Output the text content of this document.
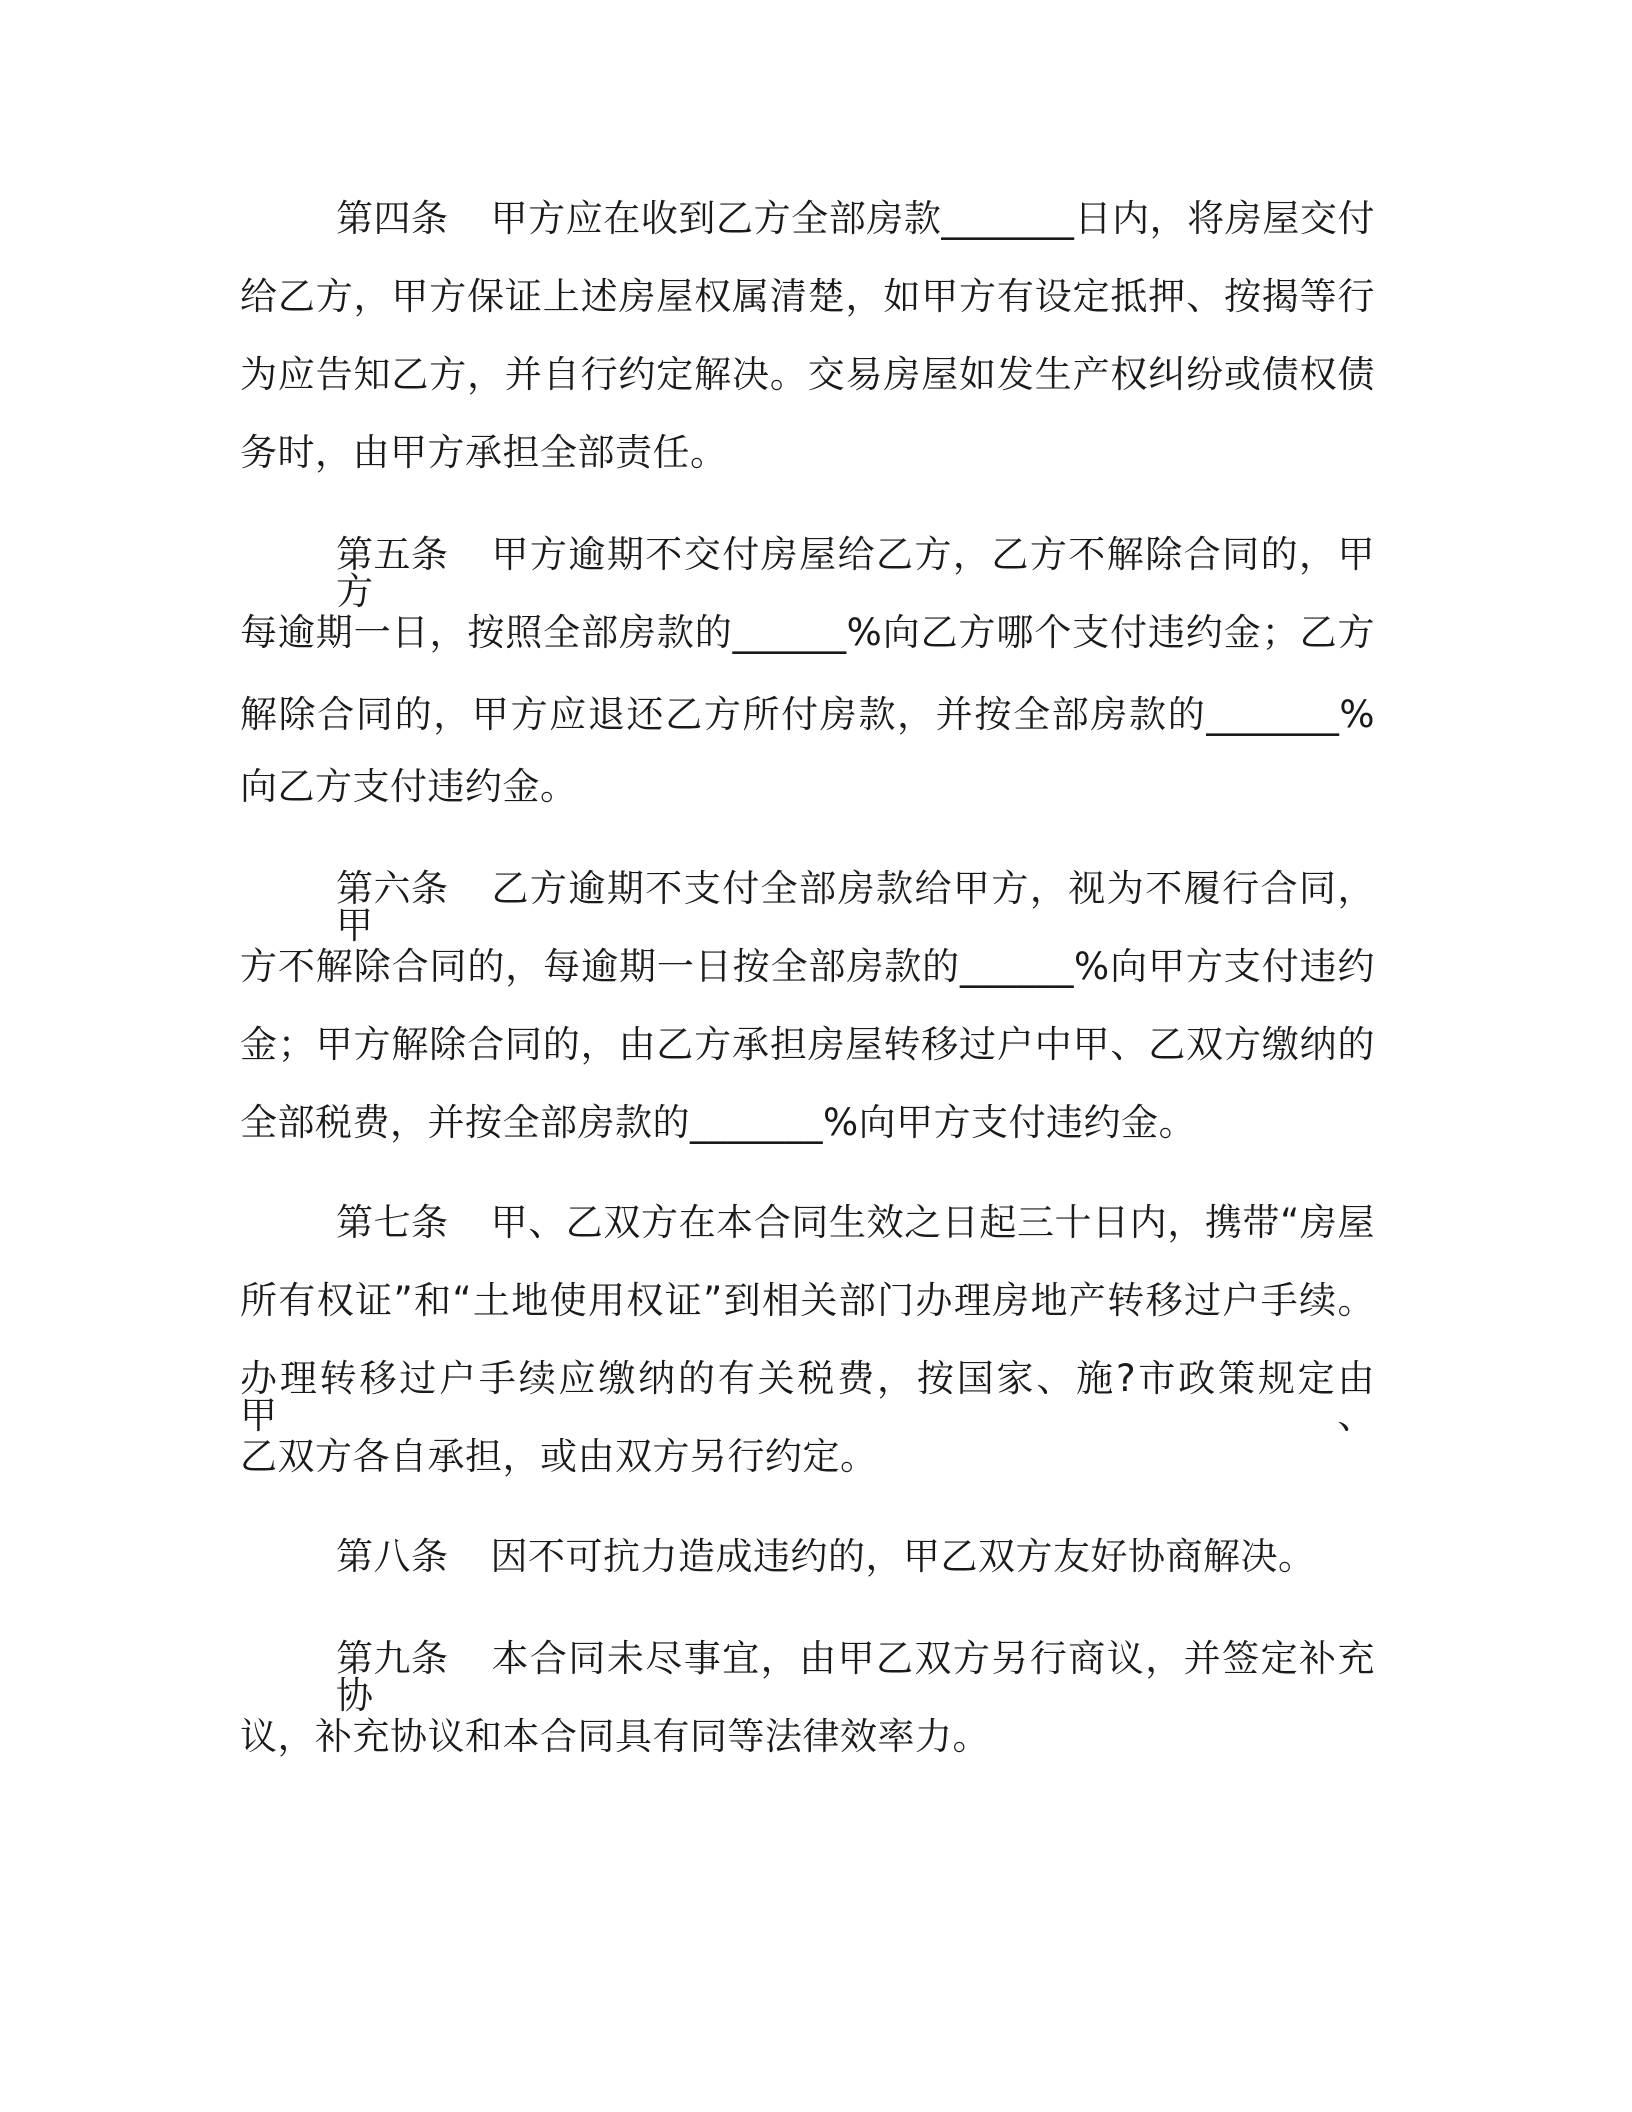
第四条 甲方应在收到乙方全部房款_______日内，将房屋交付
给乙方，甲方保证上述房屋权属清楚，如甲方有设定抵押、按揭等行
为应告知乙方，并自行约定解决。交易房屋如发生产权纠纷或债权债
务时，由甲方承担全部责任。
第五条 甲方逾期不交付房屋给乙方，乙方不解除合同的，甲方
每逾期一日，按照全部房款的______%向乙方哪个支付违约金；乙方
解除合同的，甲方应退还乙方所付房款，并按全部房款的_______%
向乙方支付违约金。
第六条 乙方逾期不支付全部房款给甲方，视为不履行合同，甲
方不解除合同的，每逾期一日按全部房款的______%向甲方支付违约
金；甲方解除合同的，由乙方承担房屋转移过户中甲、乙双方缴纳的
全部税费，并按全部房款的_______%向甲方支付违约金。
第七条 甲、乙双方在本合同生效之日起三十日内，携带“房屋
所有权证”和“土地使用权证”到相关部门办理房地产转移过户手续。
办理转移过户手续应缴纳的有关税费，按国家、施?市政策规定由甲、
乙双方各自承担，或由双方另行约定。
第八条 因不可抗力造成违约的，甲乙双方友好协商解决。
第九条 本合同未尽事宜，由甲乙双方另行商议，并签定补充协
议，补充协议和本合同具有同等法律效率力。
